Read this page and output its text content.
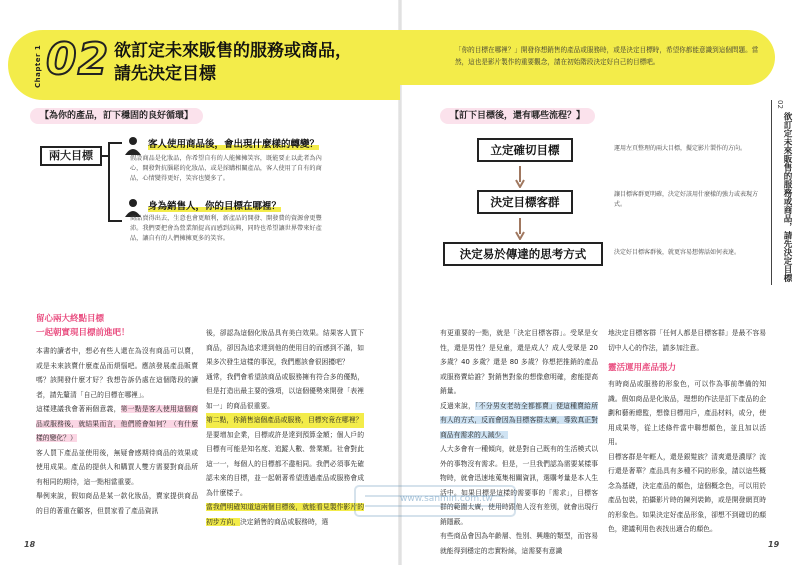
Chapter 1 02 欲訂定未來販售的服務或商品，
請先決定目標
「你的目標在哪裡？」開發你想銷售的產品或服務時，或是決定目標時，希望你都能意識到這個問題。當然，這也是影片製作的重要觀念，請在初始階段決定好自己的目標吧。
02
欲訂定未來販售的服務或商品，請先決定目標
【為你的產品，訂下穩固的良好循環】
兩大目標
客人使用商品後，會出現什麼樣的轉變？
假設商品是化妝品，你希望自有的人能擁擁笑容，既能要止以此者為內心，開發對抗腦鬆的化妝品，或是採購相關產品，客人使用了自有的商品，心情變得更好，笑容也變多了。
身為銷售人，你的目標在哪裡？
商品賣得出去，生意也會更順利，新產品的開發、開發費的資源會更豐沛。我們要把會為營業額提高而感到高興，同時也希望讓世界帶來好產品，讓自有的人們擁擁更多的笑容。
【訂下目標後，還有哪些流程？】
立定確切目標	運用左頁整理的兩大目標，擬定影片製作的方向。
決定目標客群
讓目標客群更明確，決定好該用什麼樣的強力或表現方式。
決定易於傳達的思考方式	決定好目標客群後，就更容易想傳話如何表達。
留心兩大終點目標
一起朝實現目標前進吧！

本書的讀者中，想必有些人還在為沒有商品可以賣，或是未來該賣什麼產品而煩惱吧。應該發展產品販賣嗎？該開發什麼才好？我想告訴仍處在這個階段的讀者，請先釐清「自己的目標在哪裡」。

這樣建議我會著兩個意義，第一點是客人使用這個商品或服務後，就結果而言，他們將會如何？（有什麼樣的變化？）

客人買下產品並使用後，無疑會感期待商品的效果或使用成果。產品的提供人和購買人雙方需要對商品所有相同的期待，這一點相當重要。

舉例來說，假如商品是某一款化妝品，賣家提供商品的目的著重在顧客，但買家看了產品資訊

後，卻認為這個化妝品具有美白效果。結果客人買下商品，卻因為追求達到他的使用目的而感到不滿，如果多次發生這樣的事況，我們應該會很困擾吧？

通常，我們會希望該商品或服務擁有符合多的優點，但是打造出最主要的強項，以這個優勢來開發「表裡如一」的商品很重要。

第二點，你銷售這個產品或服務，目標究竟在哪裡？

是要增加企業，目標或許是達到預算金額；個人戶的目標有可能是知名度、追蹤人數、營業額。社會對此這一一，每個人的目標都不盡相同。我們必須事先確認未來的目標，並一起朝著希望透過產品或服務會成為什麼樣子。

當我們明確知道這兩個目標後，就能看見製作影片的初步方向，決定銷售的商品或服務時，選

有更重要的一點，就是「決定目標客群」。受眾是女性，還是男性？是兒童，還是成人？成人受眾是 20 多歲？40 多歲？還是 80 多歲？你想把推銷的產品或服務賣給誰？對銷售對象的想像愈明確，愈能提高銷量。

反過來說，「不分男女老幼全都都賣」便這種賣給所有人的方式，反而會因為目標客群太廣，導致真正對商品有需求的人減少。

人大多會有一種傾向，就是對自己既有的生活模式以外的事物沒有需求。但是，一旦我們認為需要某樣事物時，就會迅速地蒐集相關資訊，選購考量是本人生活中。如果目標是這樣的需要事的「需求」，目標客群的範圍太廣，使用時跟他人沒有差別，就會出現行銷隱蔽。

有些商品會因為年齡層、性別、興趣的類型，而容易就能得到穩定的忠實粉絲，這需要有意識

地決定目標客群「任何人都是目標客群」是最不容易切中人心的作法，請多加注意。

靈活運用產品張力

有時商品或服務的形象色，可以作為事前準備的知識。假如商品是化妝品，理想的作法是訂下產品的企劃和藝術總監，想像目標用戶，產品材料，或分，使用成果等，從上述條件當中聯想顏色，並且加以活用。

目標客群是年輕人，還是銀髮族？清爽還是濃厚？流行還是奢華？產品具有多種不同的形象，請以這些概念為基礎，決定產品的顏色，這個概念色，可以用於產品包裝，拍攝影片時的陳列裝飾，或是開發網頁時的形象色。如果決定好產品形象，卻想不到確切的顏色，建議利用色表找出適合的顏色。

www.sanmin.com.tw
18	19
